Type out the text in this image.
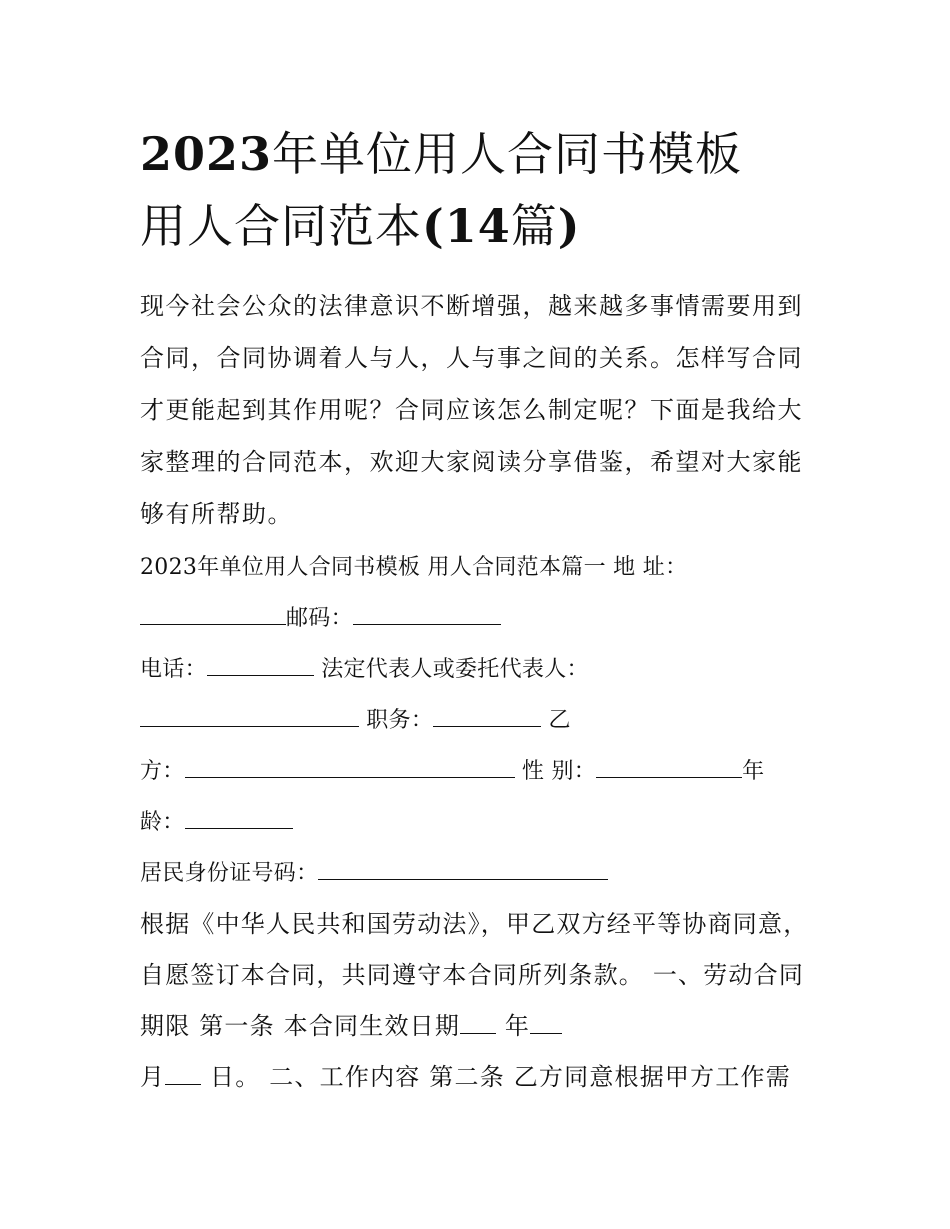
2023年单位用人合同书模板
用人合同范本(14篇)

现今社会公众的法律意识不断增强，越来越多事情需要用到合同，合同协调着人与人，人与事之间的关系。怎样写合同才更能起到其作用呢？合同应该怎么制定呢？下面是我给大家整理的合同范本，欢迎大家阅读分享借鉴，希望对大家能够有所帮助。

2023年单位用人合同书模板 用人合同范本篇一 地 址：
邮码：
电话：	法定代表人或委托代表人：
职务：	乙
方：	性 别：	年
龄：
居民身份证号码：
根据《中华人民共和国劳动法》，甲乙双方经平等协商同意，
自愿签订本合同，共同遵守本合同所列条款。 一、劳动合同
期限 第一条 本合同生效日期 年
月 日。 二、工作内容 第二条 乙方同意根据甲方工作需
